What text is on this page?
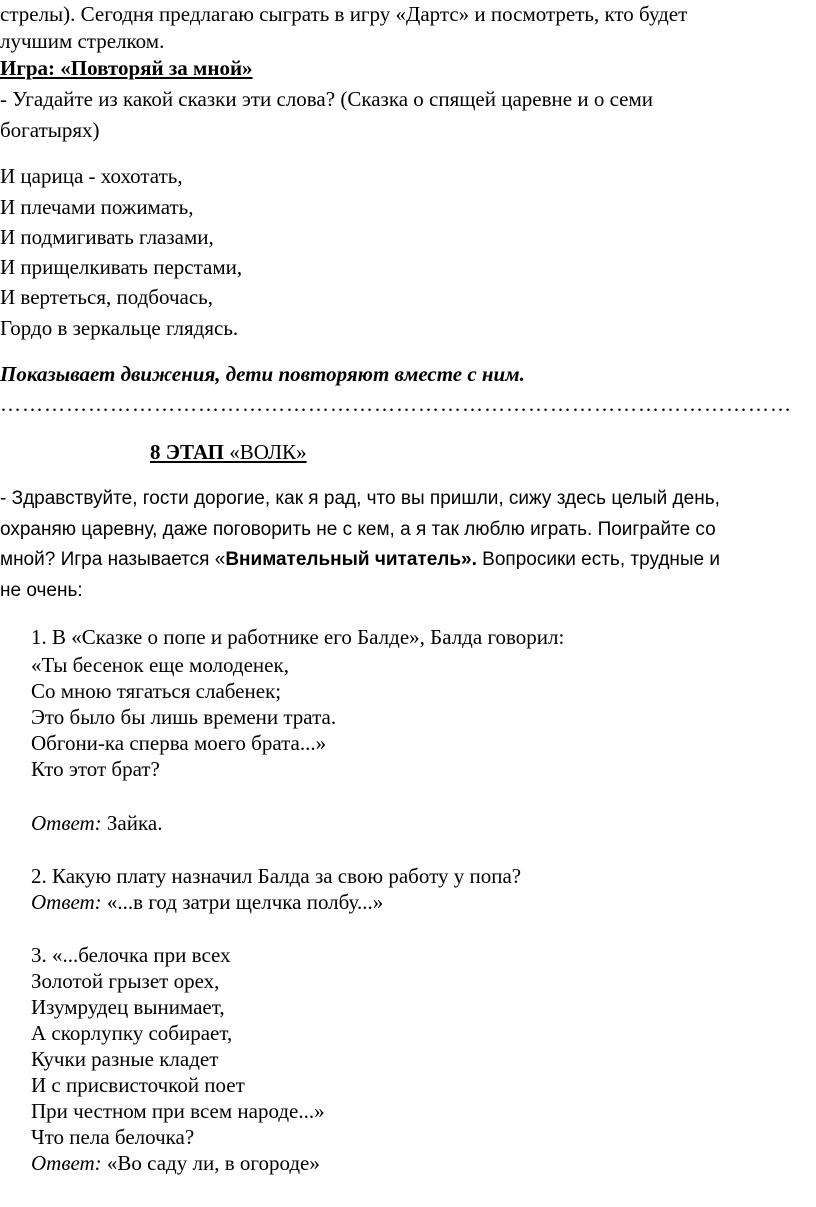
стрелы). Сегодня предлагаю сыграть в игру «Дартс» и посмотреть, кто будет
лучшим стрелком.
Игра: «Повторяй за мной»
- Угадайте из какой сказки эти слова? (Сказка о спящей царевне и о семи
богатырях)
И царица - хохотать,
И плечами пожимать,
И подмигивать глазами,
И прищелкивать перстами,
И вертеться, подбочась,
Гордо в зеркальце глядясь.
Показывает движения, дети повторяют вместе с ним.
………………………………………………………………………………………………
8 ЭТАП «ВОЛК»
- Здравствуйте, гости дорогие, как я рад, что вы пришли, сижу здесь целый день,
охраняю царевну, даже поговорить не с кем, а я так люблю играть. Поиграйте со
мной? Игра называется «Внимательный читатель». Вопросики есть, трудные и
не очень:
1. В «Сказке о попе и работнике его Балде», Балда говорил:
«Ты бесенок еще молоденек,
Со мною тягаться слабенек;
Это было бы лишь времени трата.
Обгони-ка сперва моего брата...»
Кто этот брат?
Ответ: Зайка.
2. Какую плату назначил Балда за свою работу у попа?
Ответ: «...в год затри щелчка полбу...»
3. «...белочка при всех
Золотой грызет орех,
Изумрудец вынимает,
А скорлупку собирает,
Кучки разные кладет
И с присвисточкой поет
При честном при всем народе...»
Что пела белочка?
Ответ: «Во саду ли, в огороде»
